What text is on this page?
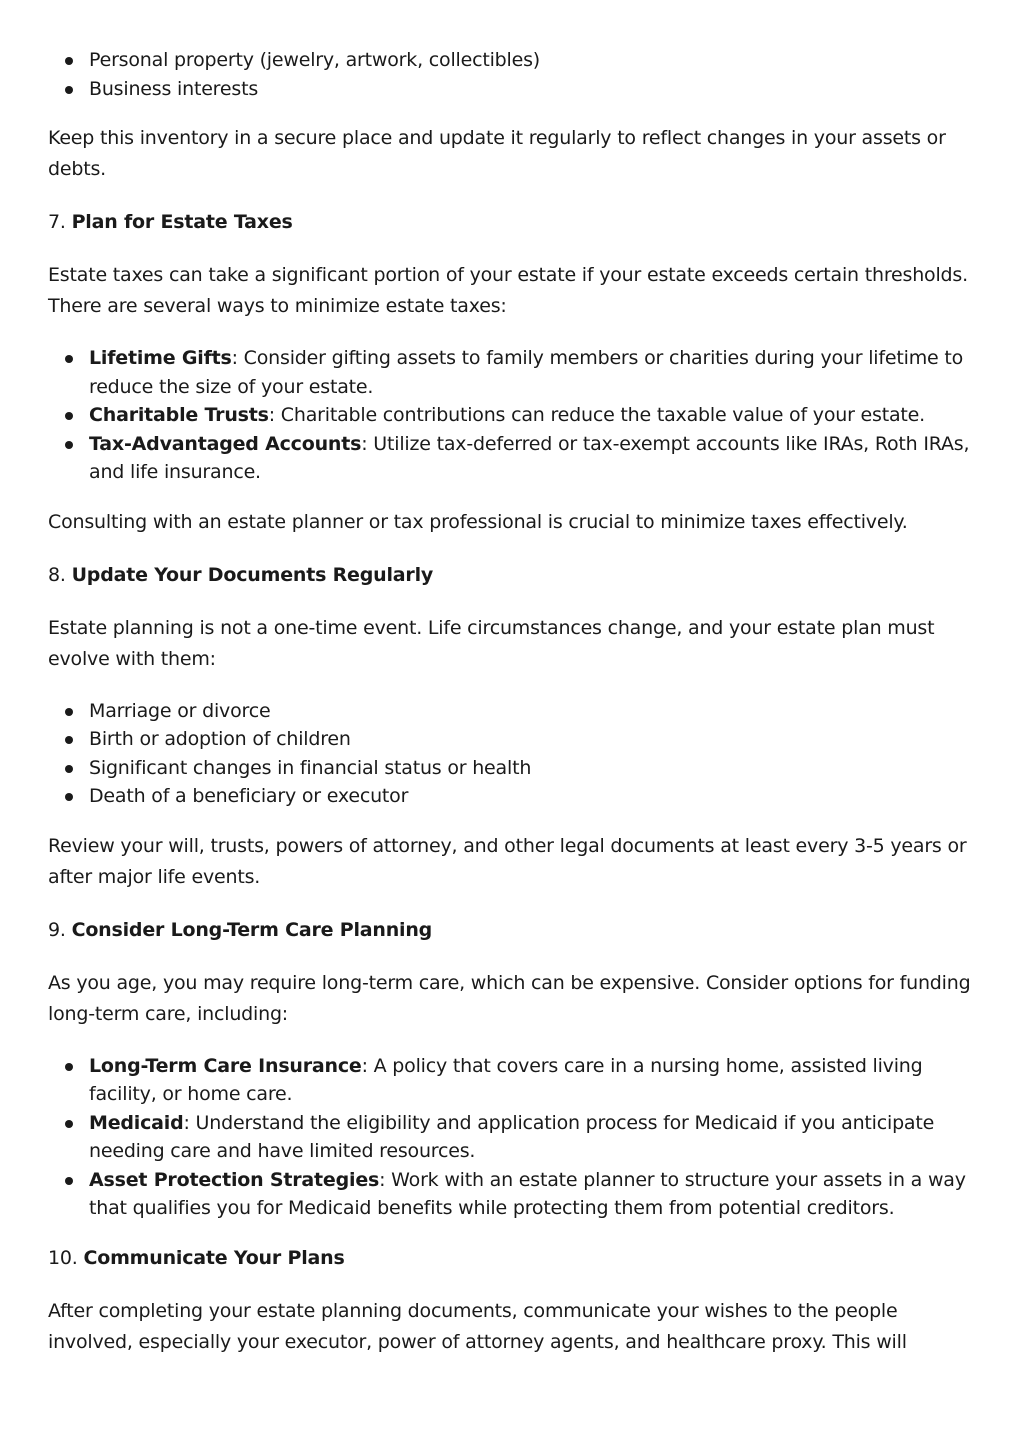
Personal property (jewelry, artwork, collectibles)
Business interests

Keep this inventory in a secure place and update it regularly to reflect changes in your assets or debts.

7. Plan for Estate Taxes

Estate taxes can take a significant portion of your estate if your estate exceeds certain thresholds. There are several ways to minimize estate taxes:

Lifetime Gifts: Consider gifting assets to family members or charities during your lifetime to reduce the size of your estate.
Charitable Trusts: Charitable contributions can reduce the taxable value of your estate.
Tax-Advantaged Accounts: Utilize tax-deferred or tax-exempt accounts like IRAs, Roth IRAs, and life insurance.

Consulting with an estate planner or tax professional is crucial to minimize taxes effectively.

8. Update Your Documents Regularly

Estate planning is not a one-time event. Life circumstances change, and your estate plan must evolve with them:

Marriage or divorce
Birth or adoption of children
Significant changes in financial status or health
Death of a beneficiary or executor

Review your will, trusts, powers of attorney, and other legal documents at least every 3-5 years or after major life events.

9. Consider Long-Term Care Planning

As you age, you may require long-term care, which can be expensive. Consider options for funding long-term care, including:

Long-Term Care Insurance: A policy that covers care in a nursing home, assisted living facility, or home care.
Medicaid: Understand the eligibility and application process for Medicaid if you anticipate needing care and have limited resources.
Asset Protection Strategies: Work with an estate planner to structure your assets in a way that qualifies you for Medicaid benefits while protecting them from potential creditors.

10. Communicate Your Plans

After completing your estate planning documents, communicate your wishes to the people involved, especially your executor, power of attorney agents, and healthcare proxy. This will
